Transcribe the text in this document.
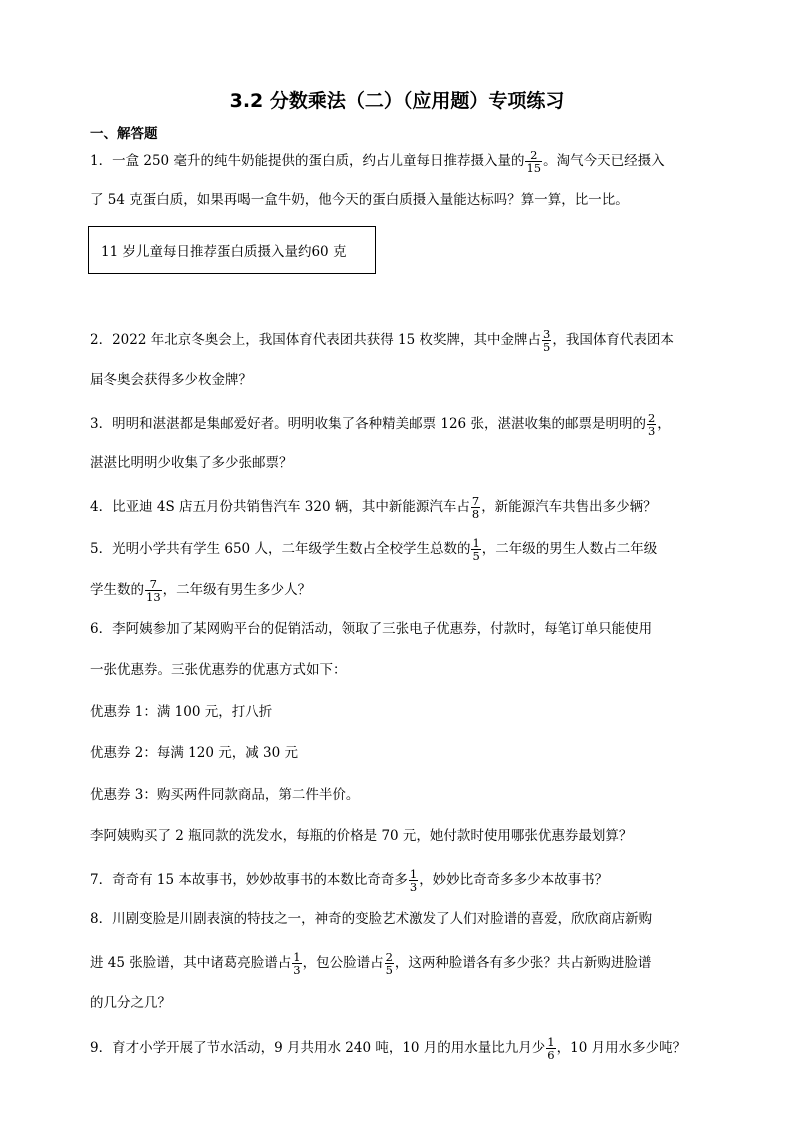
3.2 分数乘法（二）（应用题）专项练习
一、解答题
1．一盒 250 毫升的纯牛奶能提供的蛋白质，约占儿童每日推荐摄入量的 $\frac{2}{15}$ 。淘气今天已经摄入
了 54 克蛋白质，如果再喝一盒牛奶，他今天的蛋白质摄入量能达标吗？算一算，比一比。
11 岁儿童每日推荐蛋白质摄入量约60 克
2．2022 年北京冬奥会上，我国体育代表团共获得 15 枚奖牌，其中金牌占 $\frac{3}{5}$ ，我国体育代表团本
届冬奥会获得多少枚金牌？
3．明明和湛湛都是集邮爱好者。明明收集了各种精美邮票 126 张，湛湛收集的邮票是明明的 $\frac{2}{3}$ ，
湛湛比明明少收集了多少张邮票？
4．比亚迪 4S 店五月份共销售汽车 320 辆，其中新能源汽车占 $\frac{7}{8}$ ，新能源汽车共售出多少辆？
5．光明小学共有学生 650 人，二年级学生数占全校学生总数的 $\frac{1}{5}$ ，二年级的男生人数占二年级
学生数的 $\frac{7}{13}$ ，二年级有男生多少人？
6．李阿姨参加了某网购平台的促销活动，领取了三张电子优惠券，付款时，每笔订单只能使用
一张优惠券。三张优惠券的优惠方式如下：
优惠券 1：满 100 元，打八折
优惠券 2：每满 120 元，减 30 元
优惠券 3：购买两件同款商品，第二件半价。
李阿姨购买了 2 瓶同款的洗发水，每瓶的价格是 70 元，她付款时使用哪张优惠券最划算？
7．奇奇有 15 本故事书，妙妙故事书的本数比奇奇多 $\frac{1}{3}$ ，妙妙比奇奇多多少本故事书？
8．川剧变脸是川剧表演的特技之一，神奇的变脸艺术激发了人们对脸谱的喜爱，欣欣商店新购
进 45 张脸谱，其中诸葛亮脸谱占 $\frac{1}{3}$ ，包公脸谱占 $\frac{2}{5}$ ，这两种脸谱各有多少张？共占新购进脸谱
的几分之几？
9．育才小学开展了节水活动，9 月共用水 240 吨，10 月的用水量比九月少 $\frac{1}{6}$ ，10 月用水多少吨？
